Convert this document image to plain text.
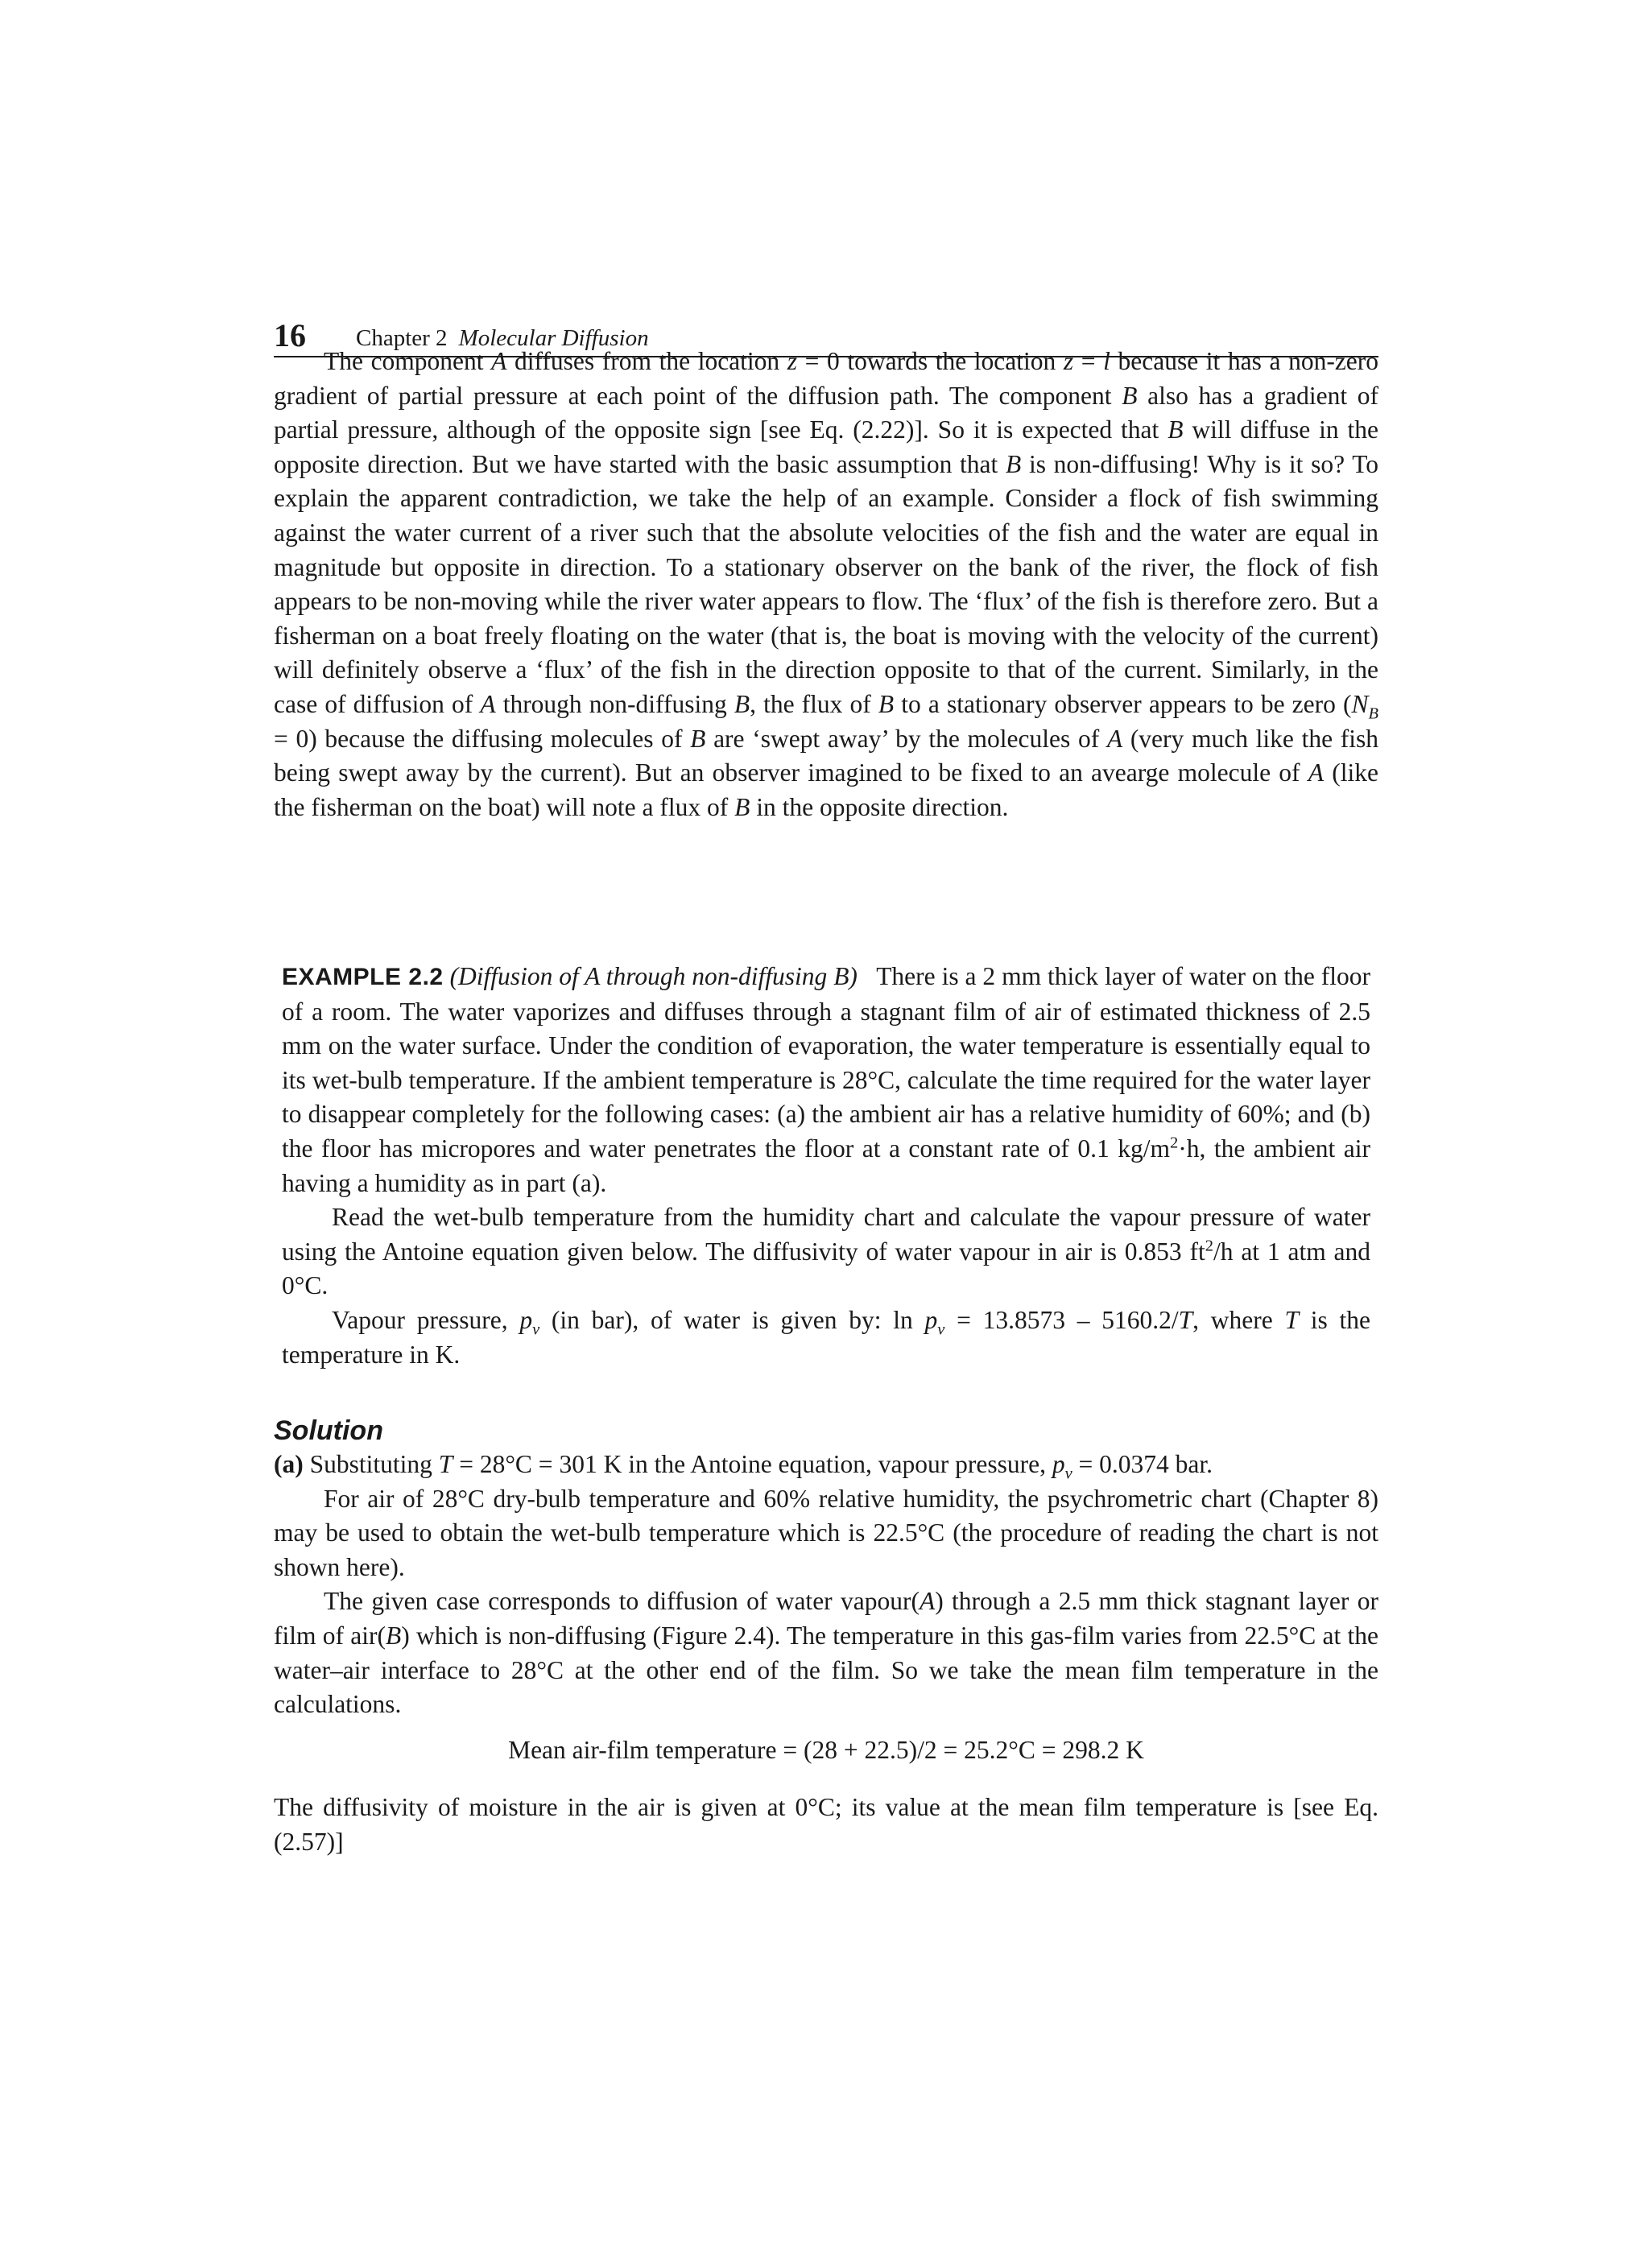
16 Chapter 2 Molecular Diffusion

The component A diffuses from the location z = 0 towards the location z = l because it has a non-zero gradient of partial pressure at each point of the diffusion path. The component B also has a gradient of partial pressure, although of the opposite sign [see Eq. (2.22)]. So it is expected that B will diffuse in the opposite direction. But we have started with the basic assumption that B is non-diffusing! Why is it so? To explain the apparent contradiction, we take the help of an example. Consider a flock of fish swimming against the water current of a river such that the absolute velocities of the fish and the water are equal in magnitude but opposite in direction. To a stationary observer on the bank of the river, the flock of fish appears to be non-moving while the river water appears to flow. The ‘flux’ of the fish is therefore zero. But a fisherman on a boat freely floating on the water (that is, the boat is moving with the velocity of the current) will definitely observe a ‘flux’ of the fish in the direction opposite to that of the current. Similarly, in the case of diffusion of A through non-diffusing B, the flux of B to a stationary observer appears to be zero $(N_B = 0)$ because the diffusing molecules of B are ‘swept away’ by the molecules of A (very much like the fish being swept away by the current). But an observer imagined to be fixed to an avearge molecule of A (like the fisherman on the boat) will note a flux of B in the opposite direction.

EXAMPLE 2.2 (Diffusion of A through non-diffusing B) There is a 2 mm thick layer of water on the floor of a room. The water vaporizes and diffuses through a stagnant film of air of estimated thickness of 2.5 mm on the water surface. Under the condition of evaporation, the water temperature is essentially equal to its wet-bulb temperature. If the ambient temperature is 28°C, calculate the time required for the water layer to disappear completely for the following cases: (a) the ambient air has a relative humidity of 60%; and (b) the floor has micropores and water penetrates the floor at a constant rate of 0.1 $kg/m^2\cdot h$, the ambient air having a humidity as in part (a).

Read the wet-bulb temperature from the humidity chart and calculate the vapour pressure of water using the Antoine equation given below. The diffusivity of water vapour in air is 0.853 $ft^2/h$ at 1 atm and 0°C.

Vapour pressure, $p_v$ (in bar), of water is given by: $\ln p_v = 13.8573 - 5160.2/T$, where T is the temperature in K.

Solution

(a) Substituting T = 28°C = 301 K in the Antoine equation, vapour pressure, $p_v = 0.0374$ bar.

For air of 28°C dry-bulb temperature and 60% relative humidity, the psychrometric chart (Chapter 8) may be used to obtain the wet-bulb temperature which is 22.5°C (the procedure of reading the chart is not shown here).

The given case corresponds to diffusion of water vapour(A) through a 2.5 mm thick stagnant layer or film of air(B) which is non-diffusing (Figure 2.4). The temperature in this gas-film varies from 22.5°C at the water–air interface to 28°C at the other end of the film. So we take the mean film temperature in the calculations.

Mean air-film temperature = (28 + 22.5)/2 = 25.2°C = 298.2 K

The diffusivity of moisture in the air is given at 0°C; its value at the mean film temperature is [see Eq. (2.57)]
